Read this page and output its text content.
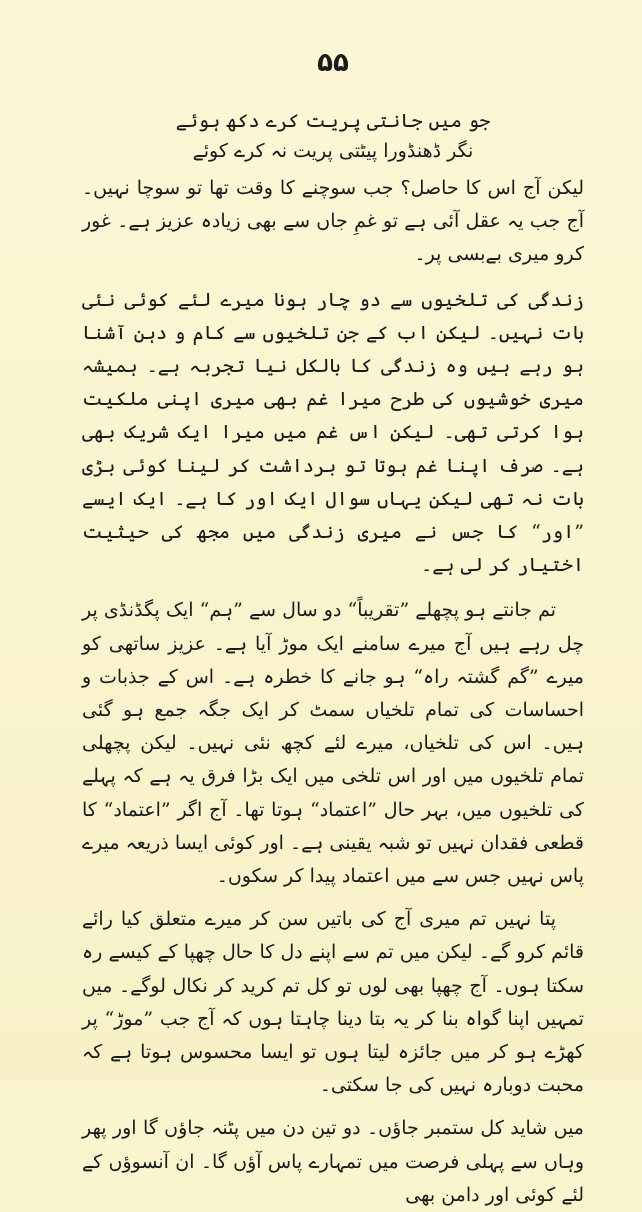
۵۵
جو میں جانتی پریت کرے دکھ ہوئے
نگر ڈھنڈورا پیٹتی پریت نہ کرے کوئے

لیکن آج اس کا حاصل؟ جب سوچنے کا وقت تھا تو سوچا نہیں۔ آج جب یہ عقل آئی ہے تو غمِ جاں سے بھی زیادہ عزیز ہے۔ غور کرو میری بےبسی پر۔

زندگی کی تلخیوں سے دو چار ہونا میرے لئے کوئی نئی بات نہیں۔ لیکن اب کے جن تلخیوں سے کام و دہن آشنا ہو رہے ہیں وہ زندگی کا بالکل نیا تجربہ ہے۔ ہمیشہ میری خوشیوں کی طرح میرا غم بھی میری اپنی ملکیت ہوا کرتی تھی۔ لیکن اس غم میں میرا ایک شریک بھی ہے۔ صرف اپنا غم ہوتا تو برداشت کر لینا کوئی بڑی بات نہ تھی لیکن یہاں سوال ایک اور کا ہے۔ ایک ایسے ”اور“ کا جس نے میری زندگی میں مجھ کی حیثیت اختیار کر لی ہے۔

تم جانتے ہو پچھلے ”تقریباً“ دو سال سے ”ہم“ ایک پگڈنڈی پر چل رہے ہیں آج میرے سامنے ایک موڑ آیا ہے۔ عزیز ساتھی کو میرے ”گم گشتہ راہ“ ہو جانے کا خطرہ ہے۔ اس کے جذبات و احساسات کی تمام تلخیاں سمٹ کر ایک جگہ جمع ہو گئی ہیں۔ اس کی تلخیاں، میرے لئے کچھ نئی نہیں۔ لیکن پچھلی تمام تلخیوں میں اور اس تلخی میں ایک بڑا فرق یہ ہے کہ پہلے کی تلخیوں میں، بہر حال ”اعتماد“ ہوتا تھا۔ آج اگر ”اعتماد“ کا قطعی فقدان نہیں تو شبہ یقینی ہے۔ اور کوئی ایسا ذریعہ میرے پاس نہیں جس سے میں اعتماد پیدا کر سکوں۔

پتا نہیں تم میری آج کی باتیں سن کر میرے متعلق کیا رائے قائم کرو گے۔ لیکن میں تم سے اپنے دل کا حال چھپا کے کیسے رہ سکتا ہوں۔ آج چھپا بھی لوں تو کل تم کرید کر نکال لوگے۔ میں تمہیں اپنا گواہ بنا کر یہ بتا دینا چاہتا ہوں کہ آج جب ”موڑ“ پر کھڑے ہو کر میں جائزہ لیتا ہوں تو ایسا محسوس ہوتا ہے کہ محبت دوبارہ نہیں کی جا سکتی۔

میں شاید کل ستمبر جاؤں۔ دو تین دن میں پٹنہ جاؤں گا اور پھر وہاں سے پہلی فرصت میں تمہارے پاس آؤں گا۔ ان آنسوؤں کے لئے کوئی اور دامن بھی
